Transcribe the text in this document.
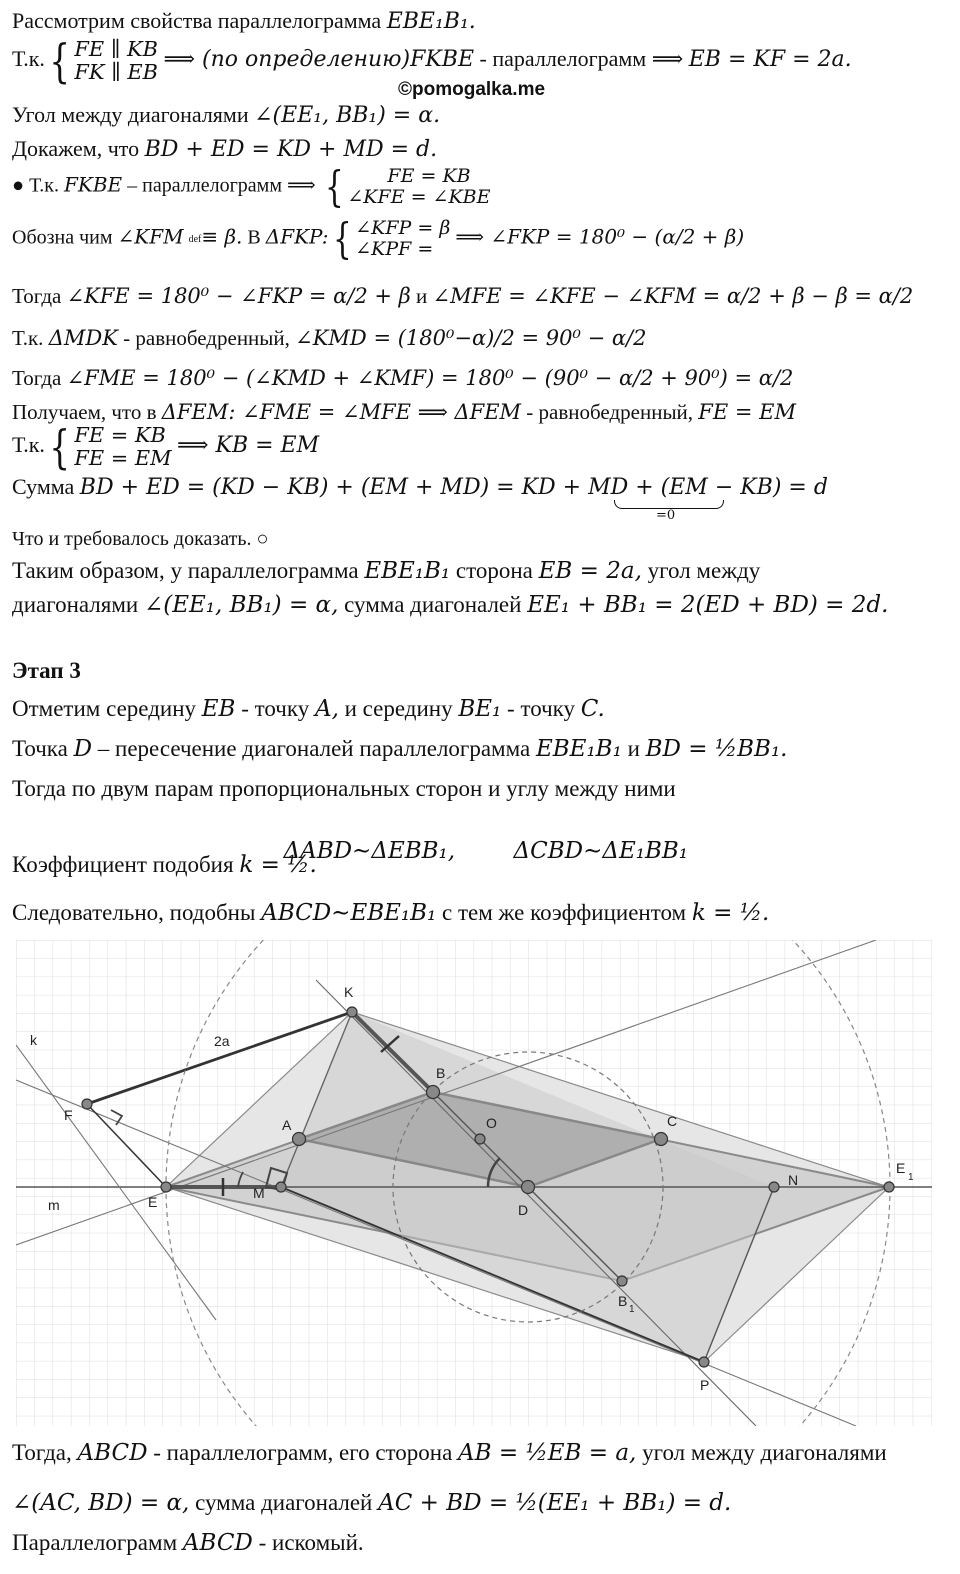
©pomogalka.me
Рассмотрим свойства параллелограмма EBE₁B₁.
Т.к.{ FE ∥ KB
FK ∥ EB ⟹ (по определению)FKBE - параллелограмм ⟹ EB = KF = 2a.
Угол между диагоналями ∠(EE₁, BB₁) = α.
Докажем, что BD + ED = KD + MD = d.
● Т.к. FKBE – параллелограмм ⟹ {	FE = KB
∠KFE = ∠KBE
Обозна чим ∠KFM def ≡ β. В ΔFKP:{ ∠KFP = β
∠KPF =
⟹ ∠FKP = 180⁰ − (α/2 + β)
Тогда ∠KFE = 180⁰ − ∠FKP = α/2 + β и ∠MFE = ∠KFE − ∠KFM = α/2 + β − β = α/2
Т.к. ΔMDK - равнобедренный, ∠KMD = (180⁰−α)/2 = 90⁰ − α/2
Тогда ∠FME = 180⁰ − (∠KMD + ∠KMF) = 180⁰ − (90⁰ − α/2 + 90⁰) = α/2
Получаем, что в ΔFEM: ∠FME = ∠MFE ⟹ ΔFEM - равнобедренный, FE = EM
Т.к.{ FE = KB
FE = EM ⟹ KB = EM
Сумма BD + ED = (KD − KB) + (EM + MD) = KD + MD + (EM − KB) = d
=0
Что и требовалось доказать. ○
Таким образом, у параллелограмма EBE₁B₁ сторона EB = 2a, угол между
диагоналями ∠(EE₁, BB₁) = α, сумма диагоналей EE₁ + BB₁ = 2(ED + BD) = 2d.
Этап 3
Отметим середину EB - точку A, и середину BE₁ - точку C.
Точка D – пересечение диагоналей параллелограмма EBE₁B₁ и BD = ½BB₁.
Тогда по двум парам пропорциональных сторон и углу между ними

ΔABD∼ΔEBB₁,        ΔCBD∼ΔE₁BB₁

Коэффициент подобия k = ½.
Следовательно, подобны ABCD∼EBE₁B₁ с тем же коэффициентом k = ½.
K
B
O	C
A
F
E
M
D
N
E
1
B
1
P
k
m
2a
Тогда, ABCD - параллелограмм, его сторона AB = ½EB = a, угол между диагоналями
∠(AC, BD) = α, сумма диагоналей AC + BD = ½(EE₁ + BB₁) = d.
Параллелограмм ABCD - искомый.
